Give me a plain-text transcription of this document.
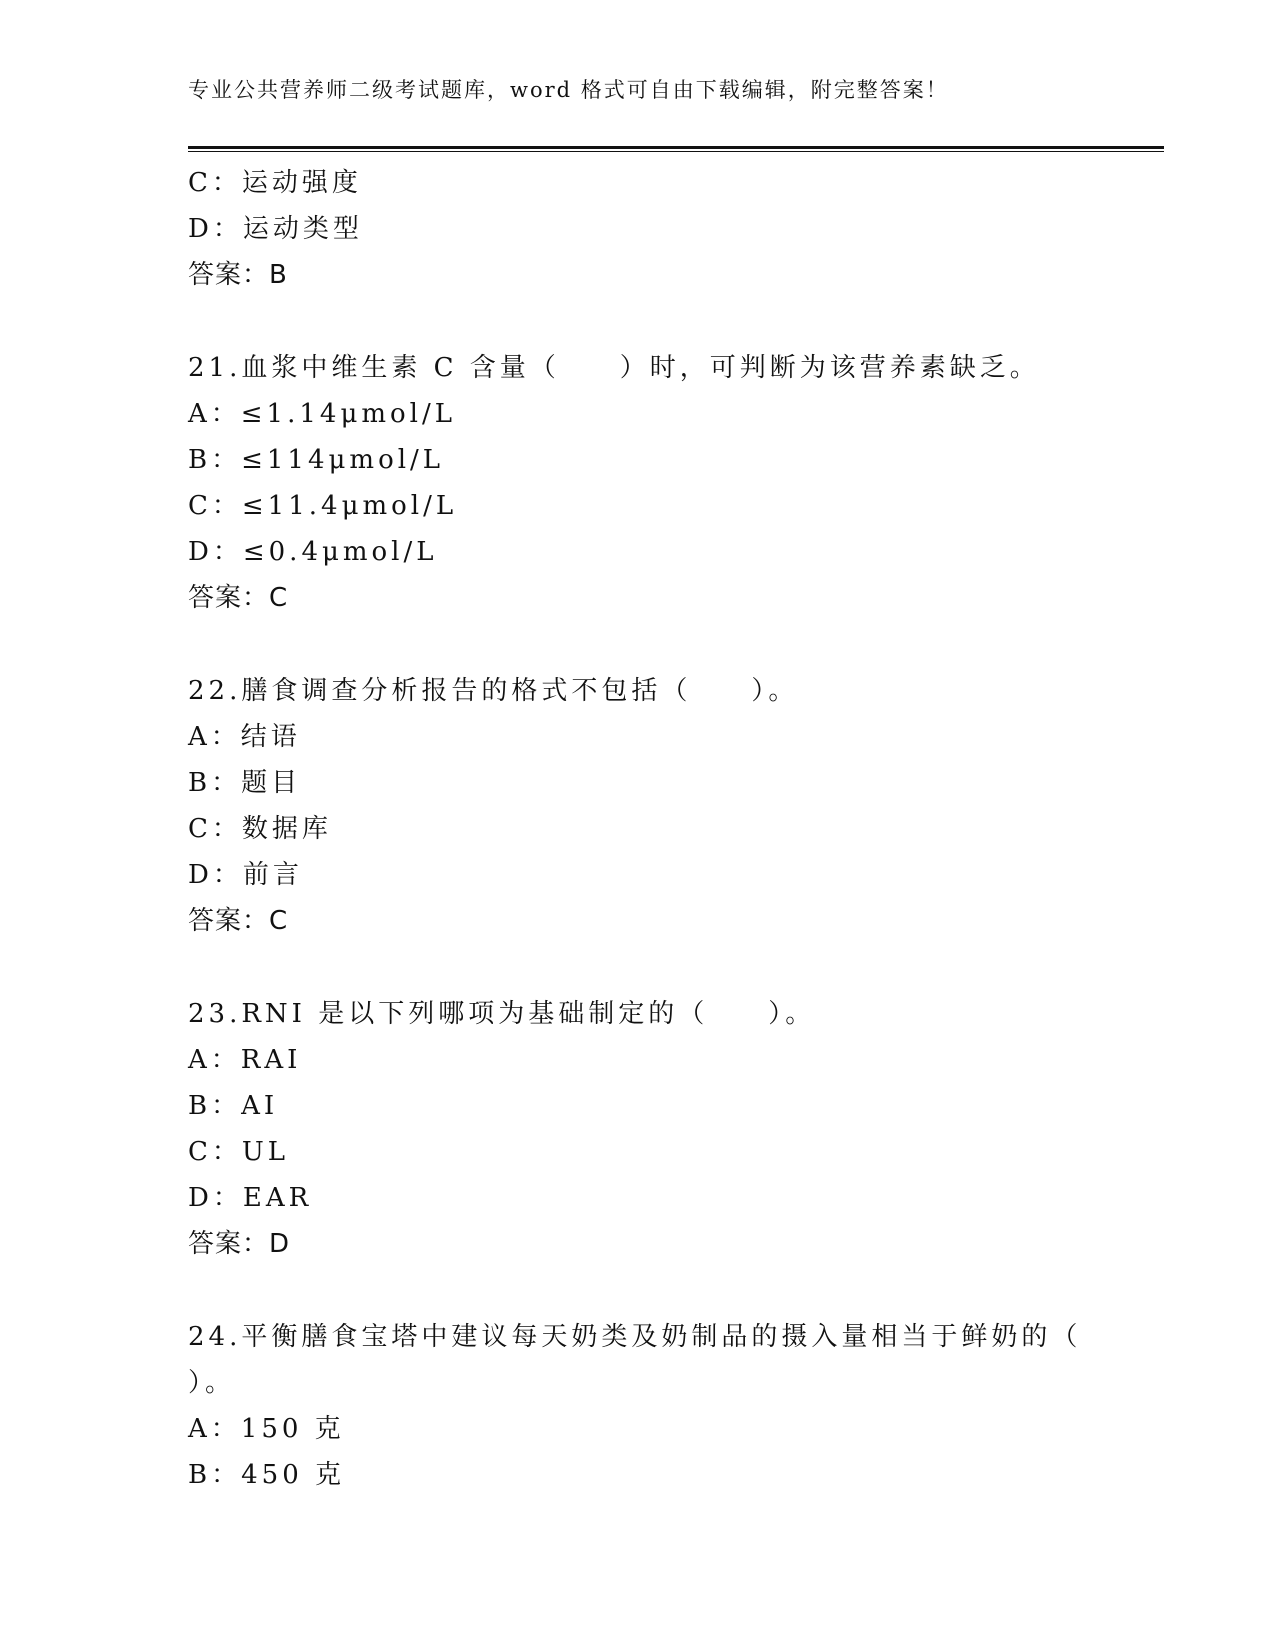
专业公共营养师二级考试题库，word 格式可自由下载编辑，附完整答案！
C：运动强度
D：运动类型
答案：B
21.血浆中维生素 C 含量（　　）时，可判断为该营养素缺乏。
A：≤1.14μmol/L
B：≤114μmol/L
C：≤11.4μmol/L
D：≤0.4μmol/L
答案：C
22.膳食调查分析报告的格式不包括（　　）。
A：结语
B：题目
C：数据库
D：前言
答案：C
23.RNI 是以下列哪项为基础制定的（　　）。
A：RAI
B：AI
C：UL
D：EAR
答案：D
24.平衡膳食宝塔中建议每天奶类及奶制品的摄入量相当于鲜奶的（
）。
A：150 克
B：450 克
